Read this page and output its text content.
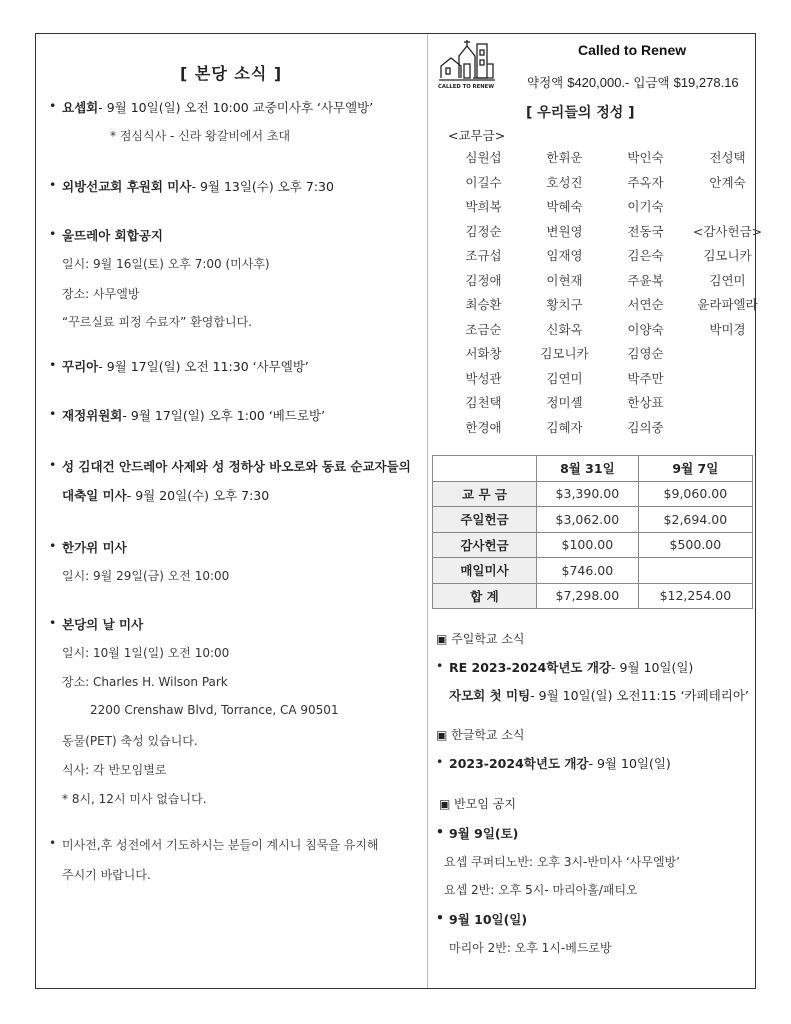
[ 본당 소식 ]
• 요셉회- 9월 10일(일) 오전 10:00 교중미사후 ‘사무엘방’
* 점심식사 - 신라 왕갈비에서 초대
• 외방선교회 후원회 미사- 9월 13일(수) 오후 7:30
• 울뜨레아 회합공지
일시: 9월 16일(토) 오후 7:00 (미사후)
장소: 사무엘방
“꾸르실료 피정 수료자” 환영합니다.
• 꾸리아- 9월 17일(일) 오전 11:30 ‘사무엘방’
• 재정위원회- 9월 17일(일) 오후 1:00 ‘베드로방’
• 성 김대건 안드레아 사제와 성 정하상 바오로와 동료 순교자들의
대축일 미사- 9월 20일(수) 오후 7:30
• 한가위 미사
일시: 9월 29일(금) 오전 10:00
• 본당의 날 미사
일시: 10월 1일(일) 오전 10:00
장소: Charles H. Wilson Park
2200 Crenshaw Blvd, Torrance, CA 90501
동물(PET) 축성 있습니다.
식사: 각 반모임별로
* 8시, 12시 미사 없습니다.
• 미사전,후 성전에서 기도하시는 분들이 계시니 침묵을 유지해
주시기 바랍니다.
CALLED TO RENEW
Called to Renew
약정액 $420,000.- 입금액 $19,278.16
[ 우리들의 정성 ]
<교무금>
심원섭	한휘운	박인숙	전성택
이길수	호성진	주옥자	안계숙
박희복	박혜숙	이기숙
김정순	변원영	전동국	<감사헌금>
조규섭	임재영	김은숙	김모니카
김정애	이현재	주윤복	김연미
최승환	황치구	서연순	윤라파엘라
조금순	신화옥	이양숙	박미경
서화창	김모니카	김영순
박성관	김연미	박주만
김천택	정미셸	한상표
한경애	김혜자	김의중
	8월 31일	9월 7일
교 무 금	$3,390.00	$9,060.00
주일헌금	$3,062.00	$2,694.00
감사헌금	$100.00	$500.00
매일미사	$746.00	
합 계	$7,298.00	$12,254.00
▣ 주일학교 소식
• RE 2023-2024학년도 개강- 9월 10일(일)
자모회 첫 미팅- 9월 10일(일) 오전11:15 ‘카페테리아’
▣ 한글학교 소식
• 2023-2024학년도 개강- 9월 10일(일)
▣ 반모임 공지
• 9월 9일(토)
요셉 쿠퍼티노반: 오후 3시-반미사 ‘사무엘방’
요셉 2반: 오후 5시- 마리아홀/패티오
• 9월 10일(일)
마리아 2반: 오후 1시-베드로방
